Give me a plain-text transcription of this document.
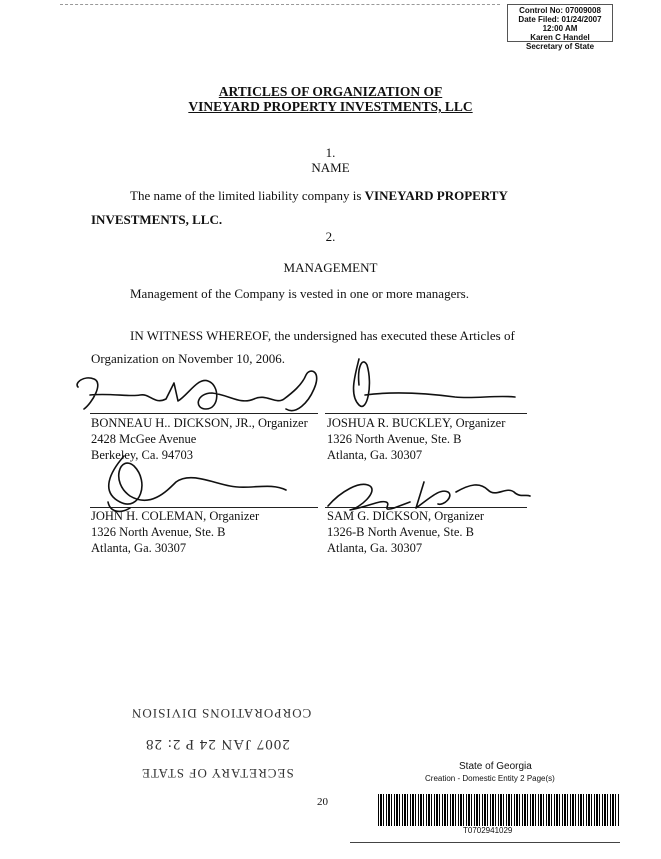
Control No: 07009008
Date Filed: 01/24/2007 12:00 AM
Karen C Handel
Secretary of State
ARTICLES OF ORGANIZATION OF
VINEYARD PROPERTY INVESTMENTS, LLC
1.
NAME
The name of the limited liability company is VINEYARD PROPERTY
INVESTMENTS, LLC.
2.
MANAGEMENT
Management of the Company is vested in one or more managers.
IN WITNESS WHEREOF, the undersigned has executed these Articles of
Organization on November 10, 2006.
BONNEAU H.. DICKSON, JR., Organizer
2428 McGee Avenue
Berkeley, Ca. 94703
JOSHUA R. BUCKLEY, Organizer
1326 North Avenue, Ste. B
Atlanta, Ga. 30307
JOHN H. COLEMAN, Organizer
1326 North Avenue, Ste. B
Atlanta, Ga. 30307
SAM G. DICKSON, Organizer
1326-B North Avenue, Ste. B
Atlanta, Ga. 30307
CORPORATIONS DIVISION
2007 JAN 24 P 2: 28
SECRETARY OF STATE	State of Georgia
Creation - Domestic Entity 2 Page(s)
20
T0702941029
